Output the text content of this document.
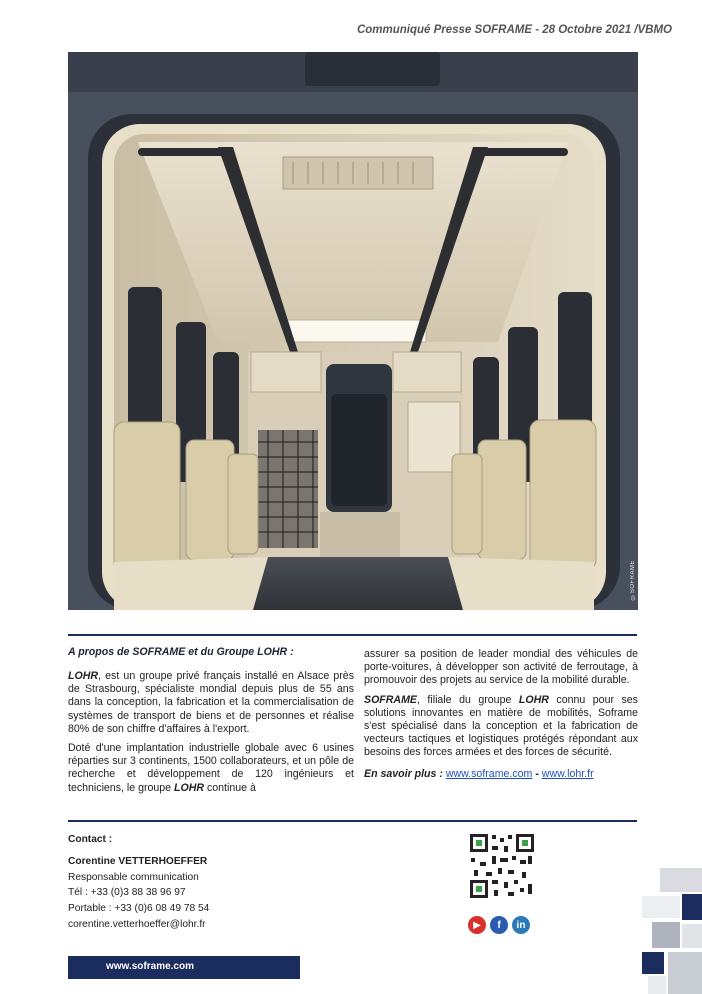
Communiqué Presse SOFRAME - 28 Octobre 2021 /VBMO
©SOFRAME
A propos de SOFRAME et du Groupe LOHR :

LOHR, est un groupe privé français installé en Alsace près de Strasbourg, spécialiste mondial depuis plus de 55 ans dans la conception, la fabrication et la commercialisation de systèmes de transport de biens et de personnes et réalise 80% de son chiffre d'affaires à l'export.

Doté d'une implantation industrielle globale avec 6 usines réparties sur 3 continents, 1500 collaborateurs, et un pôle de recherche et développement de 120 ingénieurs et techniciens, le groupe LOHR continue à

assurer sa position de leader mondial des véhicules de porte-voitures, à développer son activité de ferroutage, à promouvoir des projets au service de la mobilité durable.

SOFRAME, filiale du groupe LOHR connu pour ses solutions innovantes en matière de mobilités, Soframe s'est spécialisé dans la conception et la fabrication de vecteurs tactiques et logistiques protégés répondant aux besoins des forces armées et des forces de sécurité.

En savoir plus : www.soframe.com - www.lohr.fr
Contact :
Corentine VETTERHOEFFER
Responsable communication
Tél : +33 (0)3 88 38 96 97
Portable : +33 (0)6 08 49 78 54
corentine.vetterhoeffer@lohr.fr	▶	f	in
www.soframe.com
